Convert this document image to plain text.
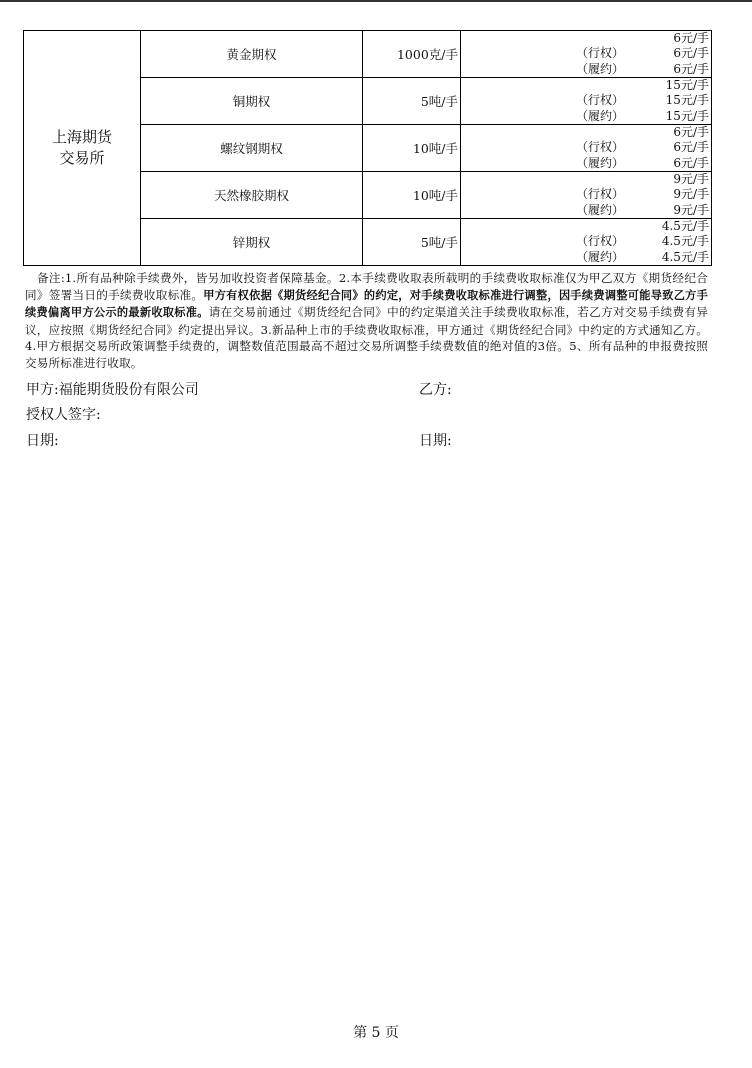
上海期货
交易所	黄金期权	1000克/手	6元/手
（行权） 6元/手
（履约） 6元/手

	铜期权	5吨/手	15元/手
（行权） 15元/手
（履约） 15元/手

	螺纹钢期权	10吨/手	6元/手
（行权） 6元/手
（履约） 6元/手

	天然橡胶期权	10吨/手	9元/手
（行权） 9元/手
（履约） 9元/手

	锌期权	5吨/手	4.5元/手
（行权） 4.5元/手
（履约） 4.5元/手
备注:1.所有品种除手续费外，皆另加收投资者保障基金。2.本手续费收取表所载明的手续费收取标准仅为甲乙双方《期货经纪合同》签署当日的手续费收取标准。甲方有权依据《期货经纪合同》的约定，对手续费收取标准进行调整，因手续费调整可能导致乙方手续费偏离甲方公示的最新收取标准。请在交易前通过《期货经纪合同》中的约定渠道关注手续费收取标准，若乙方对交易手续费有异议，应按照《期货经纪合同》约定提出异议。3.新品种上市的手续费收取标准，甲方通过《期货经纪合同》中约定的方式通知乙方。4.甲方根据交易所政策调整手续费的，调整数值范围最高不超过交易所调整手续费数值的绝对值的3倍。5、所有品种的申报费按照交易所标准进行收取。
甲方:福能期货股份有限公司	乙方:
授权人签字:
日期:	日期:
第 5 页
